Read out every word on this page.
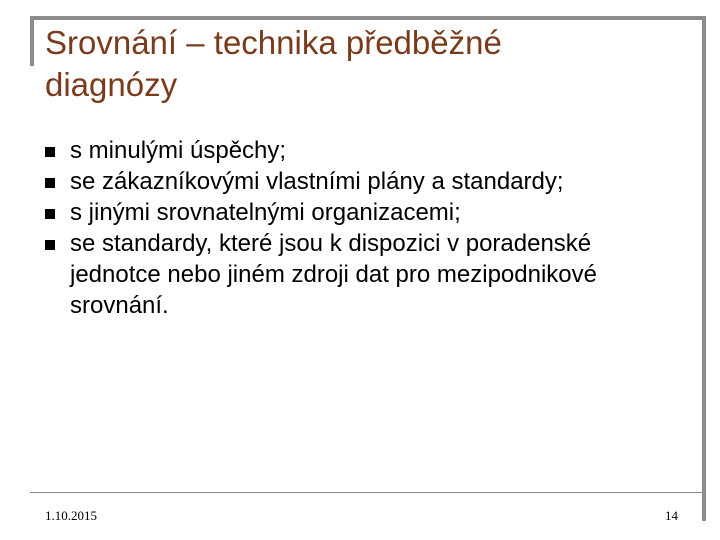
Srovnání – technika předběžné
diagnózy
s minulými úspěchy;
se zákazníkovými vlastními plány a standardy;
s jinými srovnatelnými organizacemi;
se standardy, které jsou k dispozici v poradenské jednotce nebo jiném zdroji dat pro mezipodnikové srovnání.
1.10.2015	14
